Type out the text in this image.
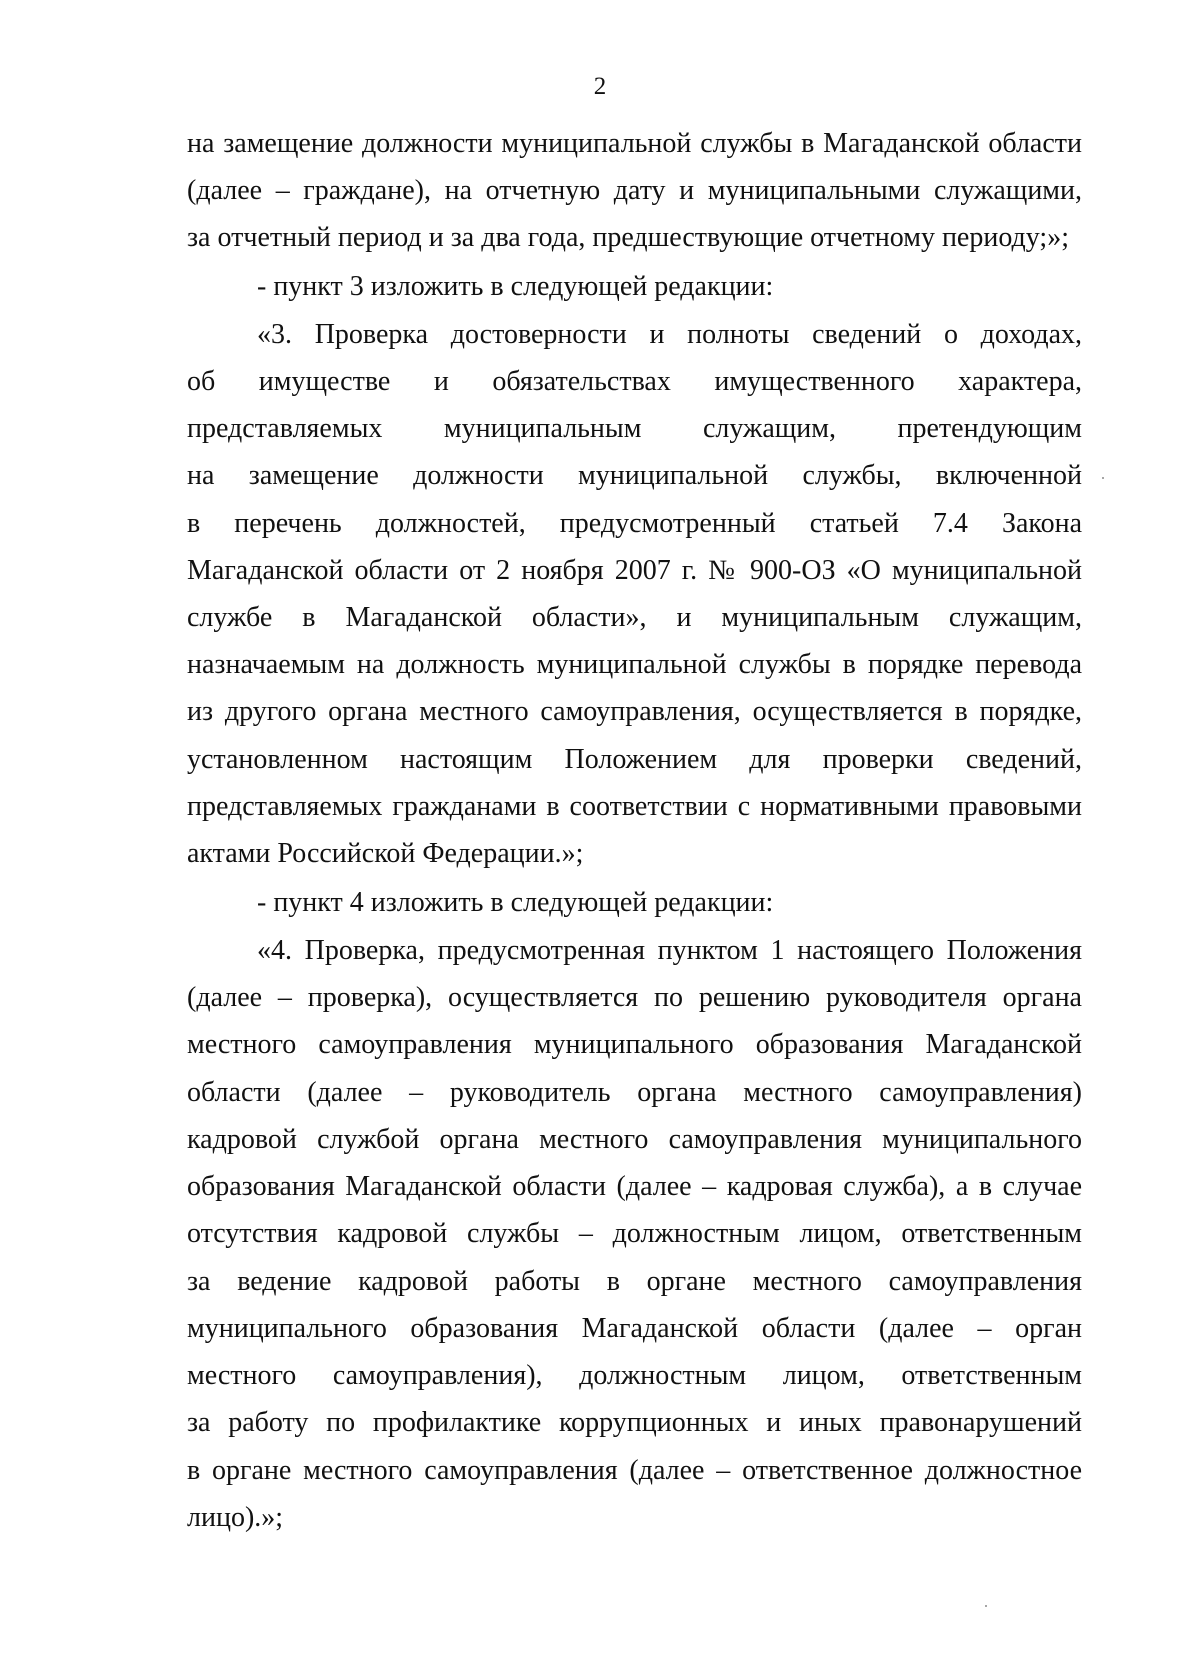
2
на замещение должности муниципальной службы в Магаданской области
(далее – граждане), на отчетную дату и муниципальными служащими,
за отчетный период и за два года, предшествующие отчетному периоду;»;
- пункт 3 изложить в следующей редакции:
«3. Проверка достоверности и полноты сведений о доходах,
об имуществе и обязательствах имущественного характера,
представляемых муниципальным служащим, претендующим
на замещение должности муниципальной службы, включенной
в перечень должностей, предусмотренный статьей 7.4 Закона
Магаданской области от 2 ноября 2007 г. № 900-ОЗ «О муниципальной
службе в Магаданской области», и муниципальным служащим,
назначаемым на должность муниципальной службы в порядке перевода
из другого органа местного самоуправления, осуществляется в порядке,
установленном настоящим Положением для проверки сведений,
представляемых гражданами в соответствии с нормативными правовыми
актами Российской Федерации.»;
- пункт 4 изложить в следующей редакции:
«4. Проверка, предусмотренная пунктом 1 настоящего Положения
(далее – проверка), осуществляется по решению руководителя органа
местного самоуправления муниципального образования Магаданской
области (далее – руководитель органа местного самоуправления)
кадровой службой органа местного самоуправления муниципального
образования Магаданской области (далее – кадровая служба), а в случае
отсутствия кадровой службы – должностным лицом, ответственным
за ведение кадровой работы в органе местного самоуправления
муниципального образования Магаданской области (далее – орган
местного самоуправления), должностным лицом, ответственным
за работу по профилактике коррупционных и иных правонарушений
в органе местного самоуправления (далее – ответственное должностное
лицо).»;
